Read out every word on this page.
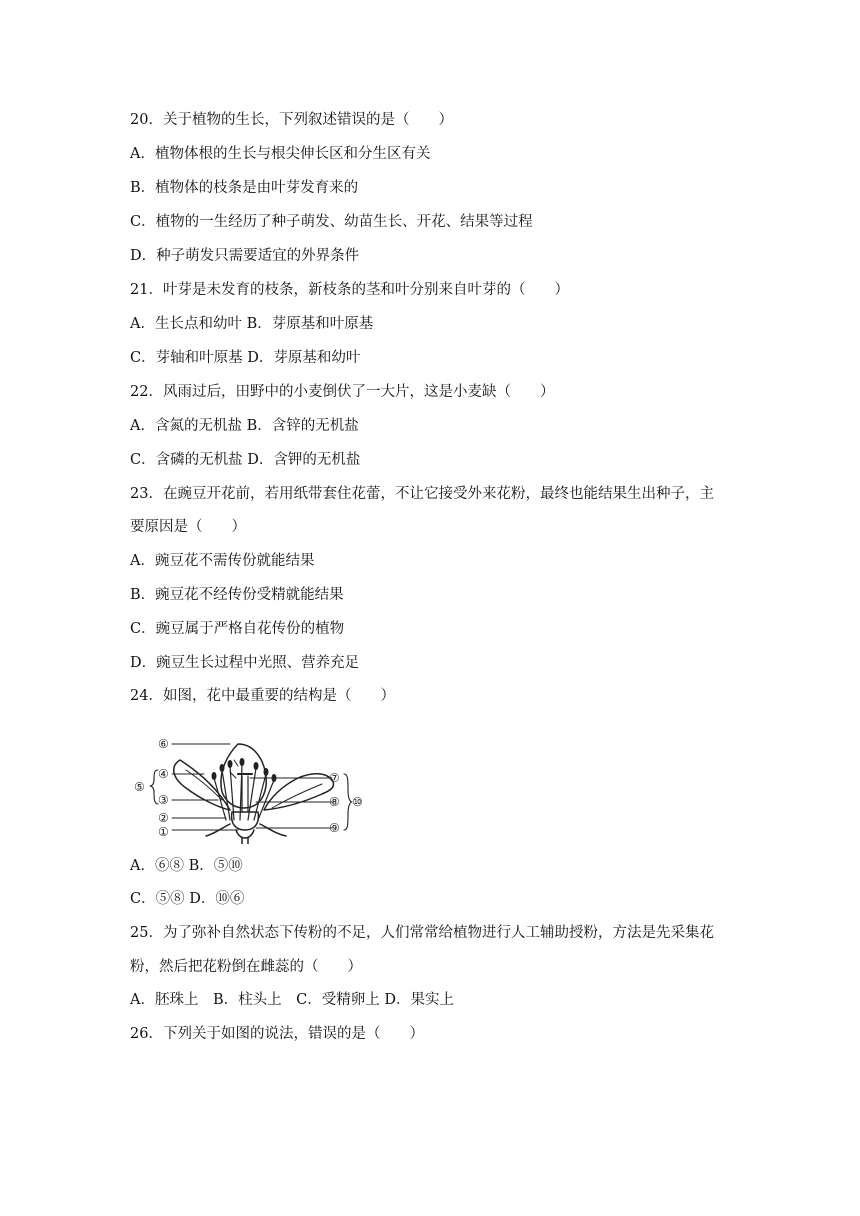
20．关于植物的生长，下列叙述错误的是（　　）
A．植物体根的生长与根尖伸长区和分生区有关
B．植物体的枝条是由叶芽发育来的
C．植物的一生经历了种子萌发、幼苗生长、开花、结果等过程
D．种子萌发只需要适宜的外界条件
21．叶芽是未发育的枝条，新枝条的茎和叶分别来自叶芽的（　　）
A．生长点和幼叶 B．芽原基和叶原基
C．芽轴和叶原基 D．芽原基和幼叶
22．风雨过后，田野中的小麦倒伏了一大片，这是小麦缺（　　）
A．含氮的无机盐 B．含锌的无机盐
C．含磷的无机盐 D．含钾的无机盐
23．在豌豆开花前，若用纸带套住花蕾，不让它接受外来花粉，最终也能结果生出种子，主
要原因是（　　）
A．豌豆花不需传份就能结果
B．豌豆花不经传份受精就能结果
C．豌豆属于严格自花传份的植物
D．豌豆生长过程中光照、营养充足
24．如图，花中最重要的结构是（　　）
⑥
④
⑤
③
②
①
⑦
⑧
⑨
⑩
A．⑥⑧ B．⑤⑩
C．⑤⑧ D．⑩⑥
25．为了弥补自然状态下传粉的不足，人们常常给植物进行人工辅助授粉，方法是先采集花
粉，然后把花粉倒在雌蕊的（　　）
A．胚珠上　B．柱头上　C．受精卵上 D．果实上
26．下列关于如图的说法，错误的是（　　）
